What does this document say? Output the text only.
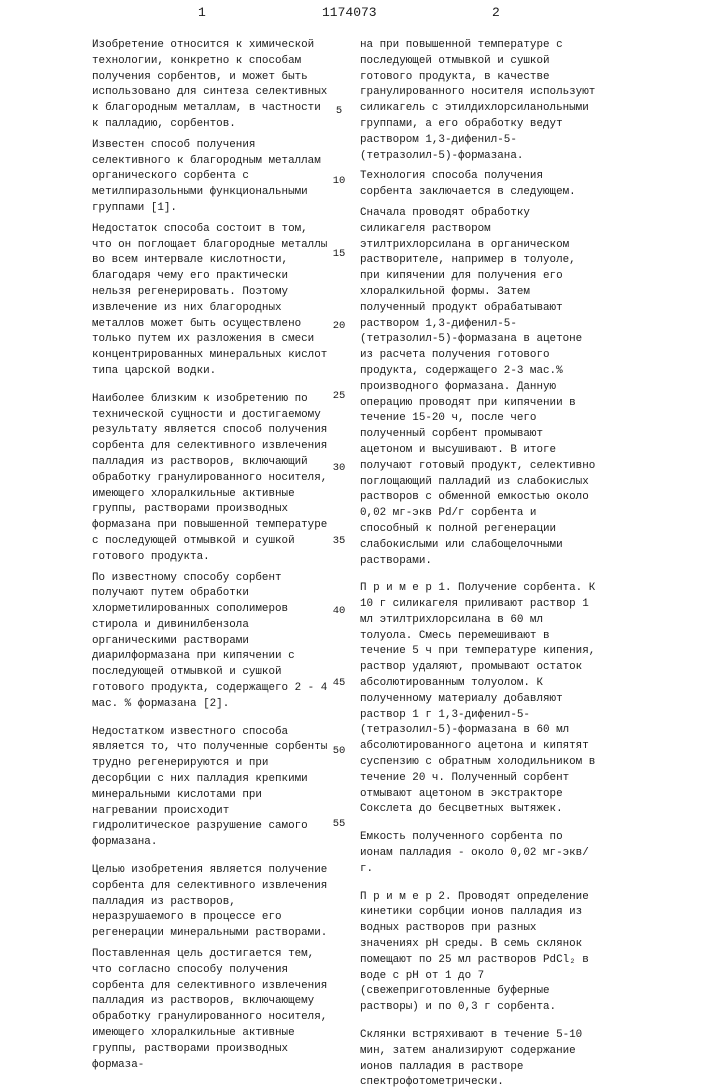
1	1174073	2

Изобретение относится к химической технологии, конкретно к способам получения сорбентов, и может быть использовано для синтеза селективных к благородным металлам, в частности к палладию, сорбентов.

Известен способ получения селективного к благородным металлам органического сорбента с метилпиразольными функциональными группами [1].

Недостаток способа состоит в том, что он поглощает благородные металлы во всем интервале кислотности, благодаря чему его практически нельзя регенерировать. Поэтому извлечение из них благородных металлов может быть осуществлено только путем их разложения в смеси концентрированных минеральных кислот типа царской водки.

Наиболее близким к изобретению по технической сущности и достигаемому результату является способ получения сорбента для селективного извлечения палладия из растворов, включающий обработку гранулированного носителя, имеющего хлоралкильные активные группы, растворами производных формазана при повышенной температуре с последующей отмывкой и сушкой готового продукта.

По известному способу сорбент получают путем обработки хлорметилированных сополимеров стирола и дивинилбензола органическими растворами диарилформазана при кипячении с последующей отмывкой и сушкой готового продукта, содержащего 2 - 4 мас. % формазана [2].

Недостатком известного способа является то, что полученные сорбенты трудно регенерируются и при десорбции с них палладия крепкими минеральными кислотами при нагревании происходит гидролитическое разрушение самого формазана.

Целью изобретения является получение сорбента для селективного извлечения палладия из растворов, неразрушаемого в процессе его регенерации минеральными растворами.

Поставленная цель достигается тем, что согласно способу получения сорбента для селективного извлечения палладия из растворов, включающему обработку гранулированного носителя, имеющего хлоралкильные активные группы, растворами производных формаза-

5
10
15
20
25
30
35
40
45
50
55

на при повышенной температуре с последующей отмывкой и сушкой готового продукта, в качестве гранулированного носителя используют силикагель с этилдихлорсиланольными группами, а его обработку ведут раствором 1,3-дифенил-5-(тетразолил-5)-формазана.

Технология способа получения сорбента заключается в следующем.

Сначала проводят обработку силикагеля раствором этилтрихлорсилана в органическом растворителе, например в толуоле, при кипячении для получения его хлоралкильной формы. Затем полученный продукт обрабатывают раствором 1,3-дифенил-5-(тетразолил-5)-формазана в ацетоне из расчета получения готового продукта, содержащего 2-3 мас.% производного формазана. Данную операцию проводят при кипячении в течение 15-20 ч, после чего полученный сорбент промывают ацетоном и высушивают. В итоге получают готовый продукт, селективно поглощающий палладий из слабокислых растворов с обменной емкостью около 0,02 мг-экв Pd/г сорбента и способный к полной регенерации слабокислыми или слабощелочными растворами.

П р и м е р 1. Получение сорбента. К 10 г силикагеля приливают раствор 1 мл этилтрихлорсилана в 60 мл толуола. Смесь перемешивают в течение 5 ч при температуре кипения, раствор удаляют, промывают остаток абсолютированным толуолом. К полученному материалу добавляют раствор 1 г 1,3-дифенил-5-(тетразолил-5)-формазана в 60 мл абсолютированного ацетона и кипятят суспензию с обратным холодильником в течение 20 ч. Полученный сорбент отмывают ацетоном в экстракторе Сокслета до бесцветных вытяжек.

Емкость полученного сорбента по ионам палладия - около 0,02 мг-экв/г.

П р и м е р 2. Проводят определение кинетики сорбции ионов палладия из водных растворов при разных значениях pH среды. В семь склянок помещают по 25 мл растворов PdCl₂ в воде с pH от 1 до 7 (свежеприготовленные буферные растворы) и по 0,3 г сорбента.

Склянки встряхивают в течение 5-10 мин, затем анализируют содержание ионов палладия в растворе спектрофотометрически.
